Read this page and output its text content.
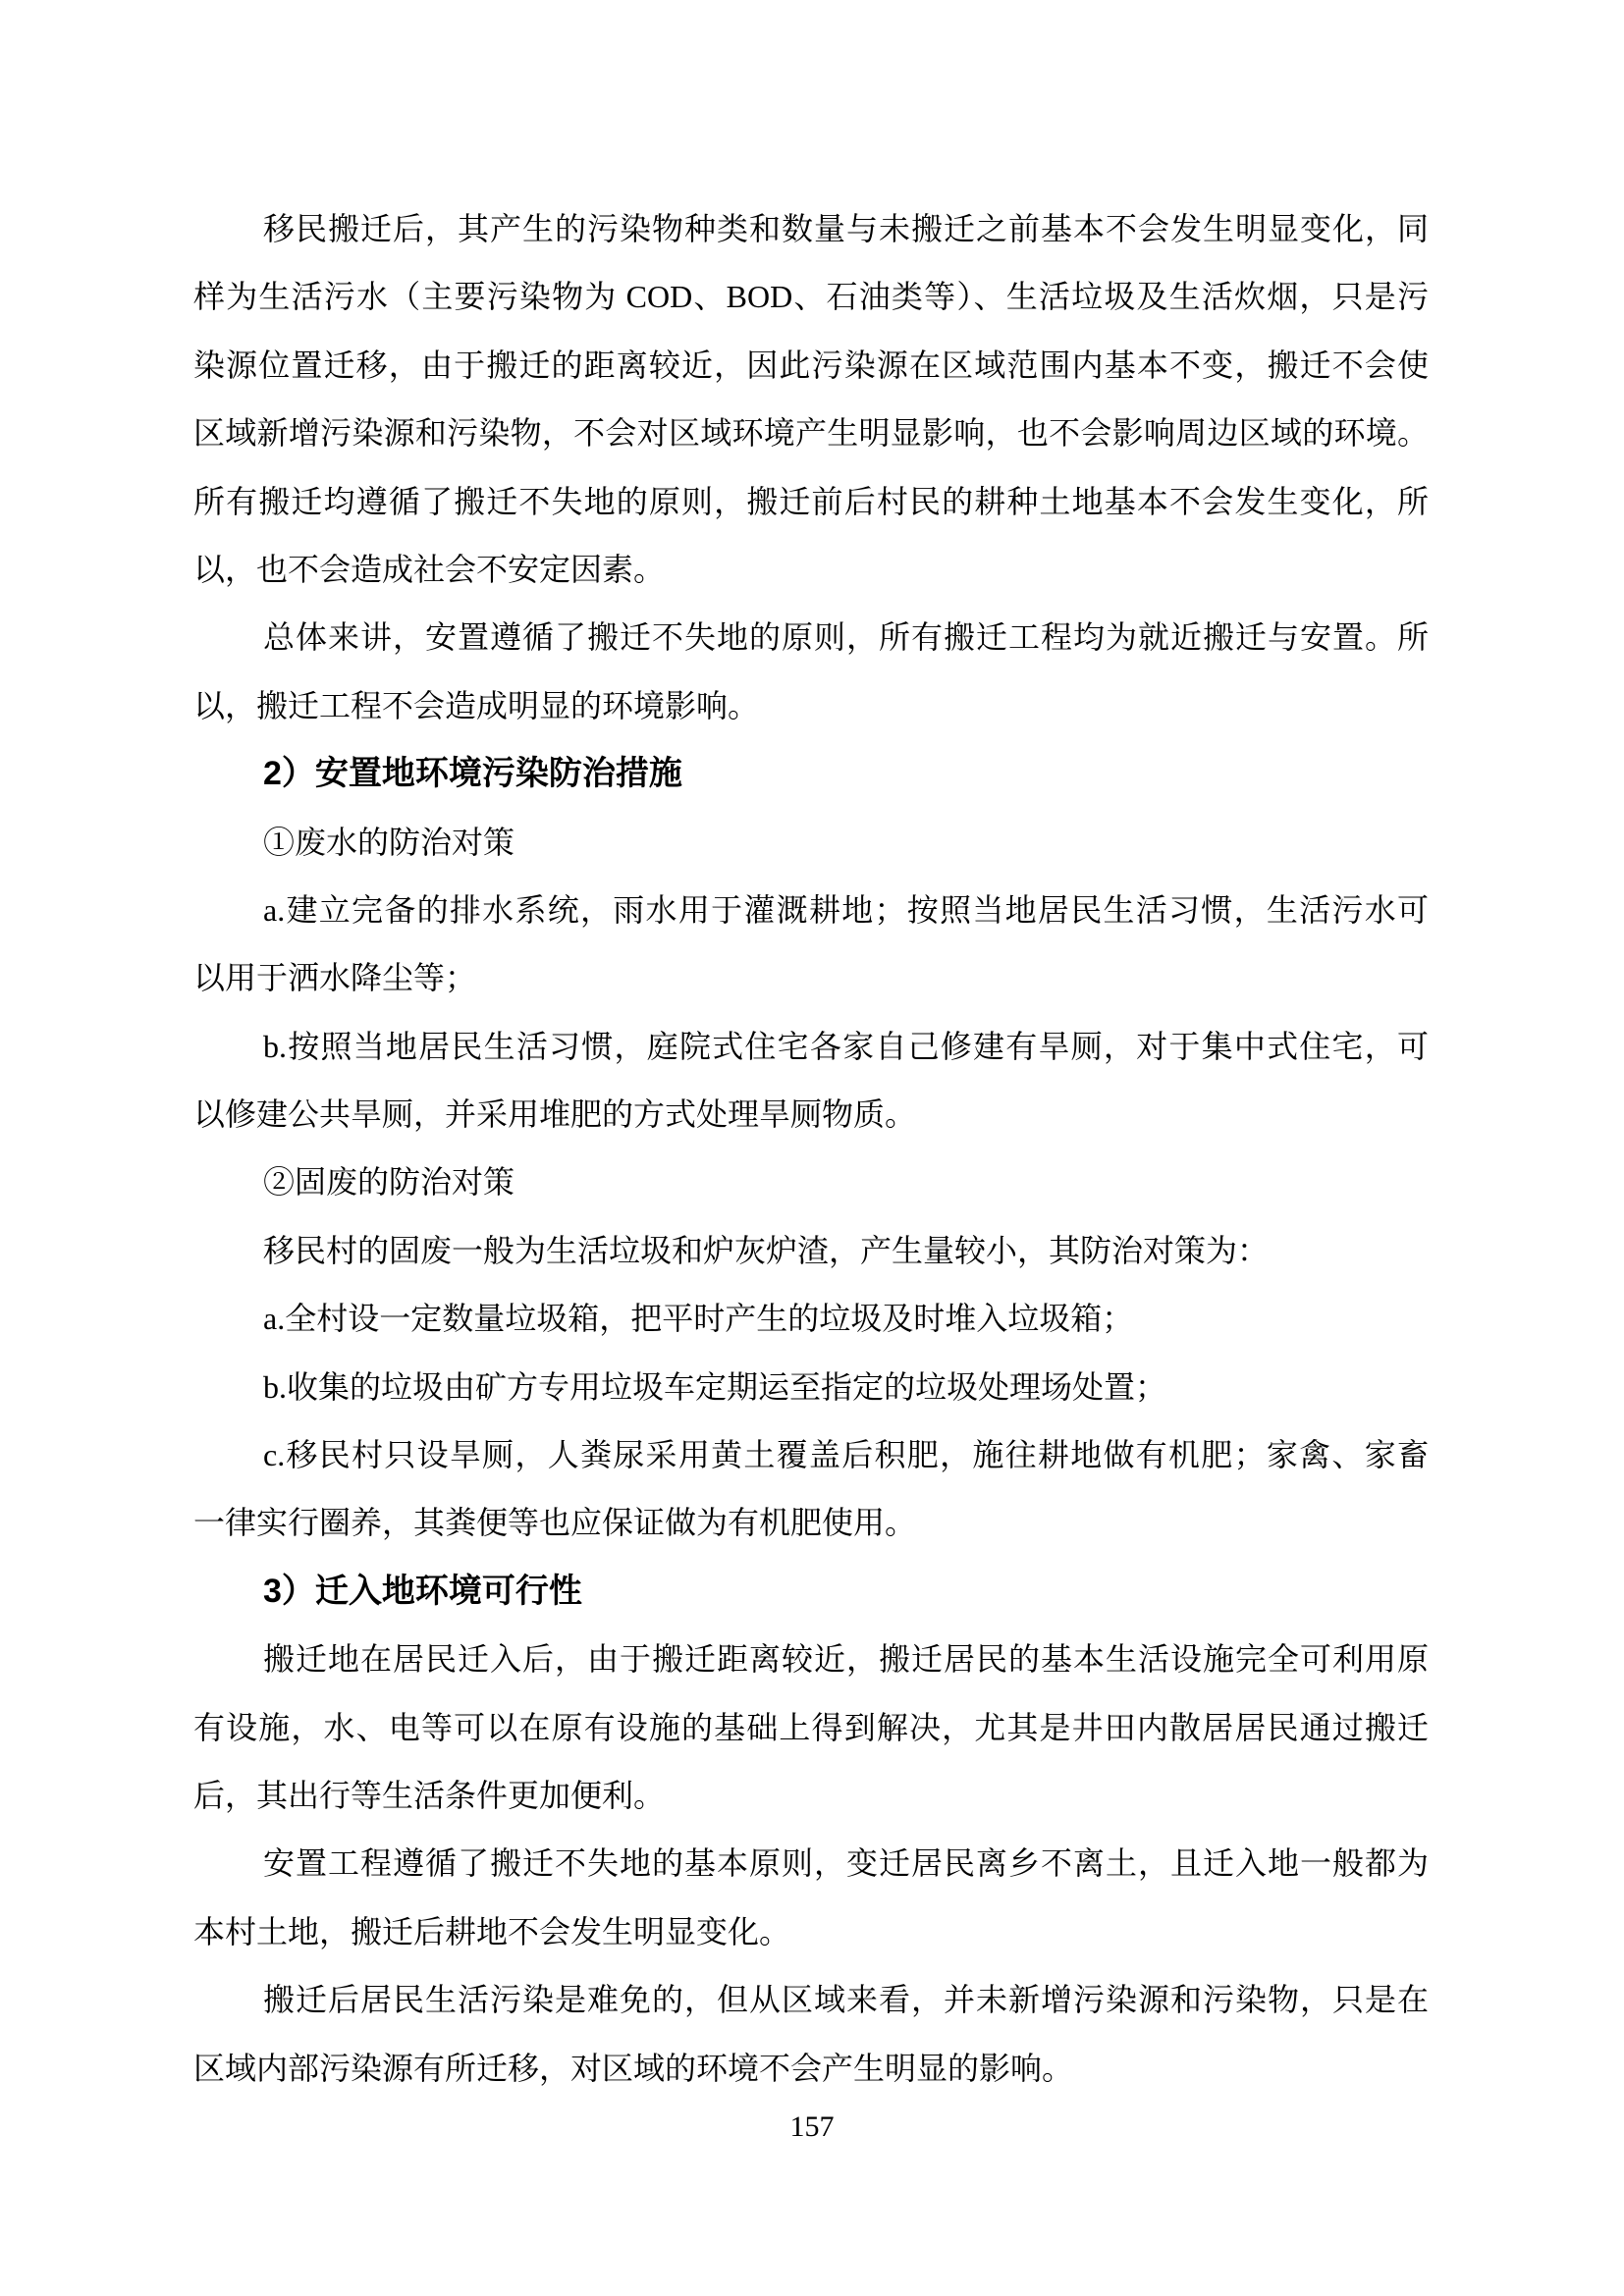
移民搬迁后，其产生的污染物种类和数量与未搬迁之前基本不会发生明显变化，同
样为生活污水（主要污染物为 COD、BOD、石油类等）、生活垃圾及生活炊烟，只是污
染源位置迁移，由于搬迁的距离较近，因此污染源在区域范围内基本不变，搬迁不会使
区域新增污染源和污染物，不会对区域环境产生明显影响，也不会影响周边区域的环境。
所有搬迁均遵循了搬迁不失地的原则，搬迁前后村民的耕种土地基本不会发生变化，所
以，也不会造成社会不安定因素。
总体来讲，安置遵循了搬迁不失地的原则，所有搬迁工程均为就近搬迁与安置。所
以，搬迁工程不会造成明显的环境影响。
2）安置地环境污染防治措施
①废水的防治对策
a.建立完备的排水系统，雨水用于灌溉耕地；按照当地居民生活习惯，生活污水可
以用于洒水降尘等；
b.按照当地居民生活习惯，庭院式住宅各家自己修建有旱厕，对于集中式住宅，可
以修建公共旱厕，并采用堆肥的方式处理旱厕物质。
②固废的防治对策
移民村的固废一般为生活垃圾和炉灰炉渣，产生量较小，其防治对策为：
a.全村设一定数量垃圾箱，把平时产生的垃圾及时堆入垃圾箱；
b.收集的垃圾由矿方专用垃圾车定期运至指定的垃圾处理场处置；
c.移民村只设旱厕，人粪尿采用黄土覆盖后积肥，施往耕地做有机肥；家禽、家畜
一律实行圈养，其粪便等也应保证做为有机肥使用。
3）迁入地环境可行性
搬迁地在居民迁入后，由于搬迁距离较近，搬迁居民的基本生活设施完全可利用原
有设施，水、电等可以在原有设施的基础上得到解决，尤其是井田内散居居民通过搬迁
后，其出行等生活条件更加便利。
安置工程遵循了搬迁不失地的基本原则，变迁居民离乡不离土，且迁入地一般都为
本村土地，搬迁后耕地不会发生明显变化。
搬迁后居民生活污染是难免的，但从区域来看，并未新增污染源和污染物，只是在
区域内部污染源有所迁移，对区域的环境不会产生明显的影响。
157
